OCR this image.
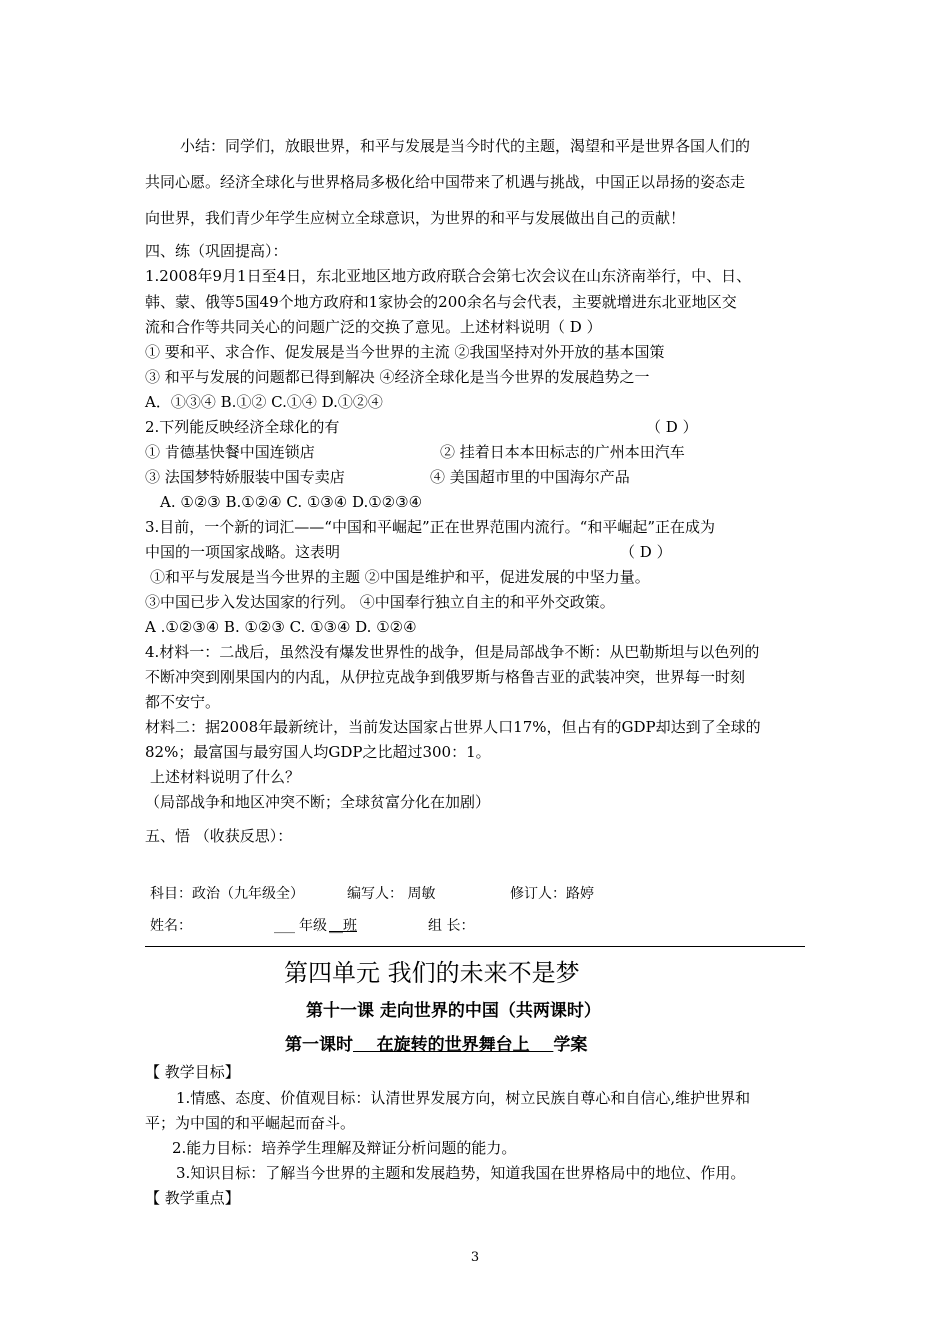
小结：同学们，放眼世界，和平与发展是当今时代的主题，渴望和平是世界各国人们的
共同心愿。经济全球化与世界格局多极化给中国带来了机遇与挑战，中国正以昂扬的姿态走
向世界，我们青少年学生应树立全球意识，为世界的和平与发展做出自己的贡献！
四、练（巩固提高）：
1.2008年9月1日至4日，东北亚地区地方政府联合会第七次会议在山东济南举行，中、日、
韩、蒙、俄等5国49个地方政府和1家协会的200余名与会代表，主要就增进东北亚地区交
流和合作等共同关心的问题广泛的交换了意见。上述材料说明（ D ）
① 要和平、求合作、促发展是当今世界的主流 ②我国坚持对外开放的基本国策
③ 和平与发展的问题都已得到解决 ④经济全球化是当今世界的发展趋势之一
A．①③④ B.①② C.①④ D.①②④
2.下列能反映经济全球化的有	（ D ）
① 肯德基快餐中国连锁店	② 挂着日本本田标志的广州本田汽车
③ 法国梦特娇服装中国专卖店	④ 美国超市里的中国海尔产品
A. ①②③ B.①②④ C. ①③④ D.①②③④
3.目前，一个新的词汇——“中国和平崛起”正在世界范围内流行。“和平崛起”正在成为
中国的一项国家战略。这表明	（ D ）
①和平与发展是当今世界的主题 ②中国是维护和平，促进发展的中坚力量。
③中国已步入发达国家的行列。 ④中国奉行独立自主的和平外交政策。
A .①②③④ B. ①②③ C. ①③④ D. ①②④
4.材料一：二战后，虽然没有爆发世界性的战争，但是局部战争不断：从巴勒斯坦与以色列的
不断冲突到刚果国内的内乱，从伊拉克战争到俄罗斯与格鲁吉亚的武装冲突，世界每一时刻
都不安宁。
材料二：据2008年最新统计，当前发达国家占世界人口17%，但占有的GDP却达到了全球的
82%；最富国与最穷国人均GDP之比超过300：1。
上述材料说明了什么？
（局部战争和地区冲突不断；全球贫富分化在加剧）
五、悟 （收获反思）：
科目：政治（九年级全）	编写人： 周敏	修订人：路婷
姓名：	___ 年级 __班	组 长：
第四单元 我们的未来不是梦
第十一课 走向世界的中国（共两课时）
第一课时    在旋转的世界舞台上    学案
【 教学目标】
1.情感、态度、价值观目标：认清世界发展方向，树立民族自尊心和自信心,维护世界和
平；为中国的和平崛起而奋斗。
2.能力目标：培养学生理解及辩证分析问题的能力。
3.知识目标：了解当今世界的主题和发展趋势，知道我国在世界格局中的地位、作用。
【 教学重点】
3
